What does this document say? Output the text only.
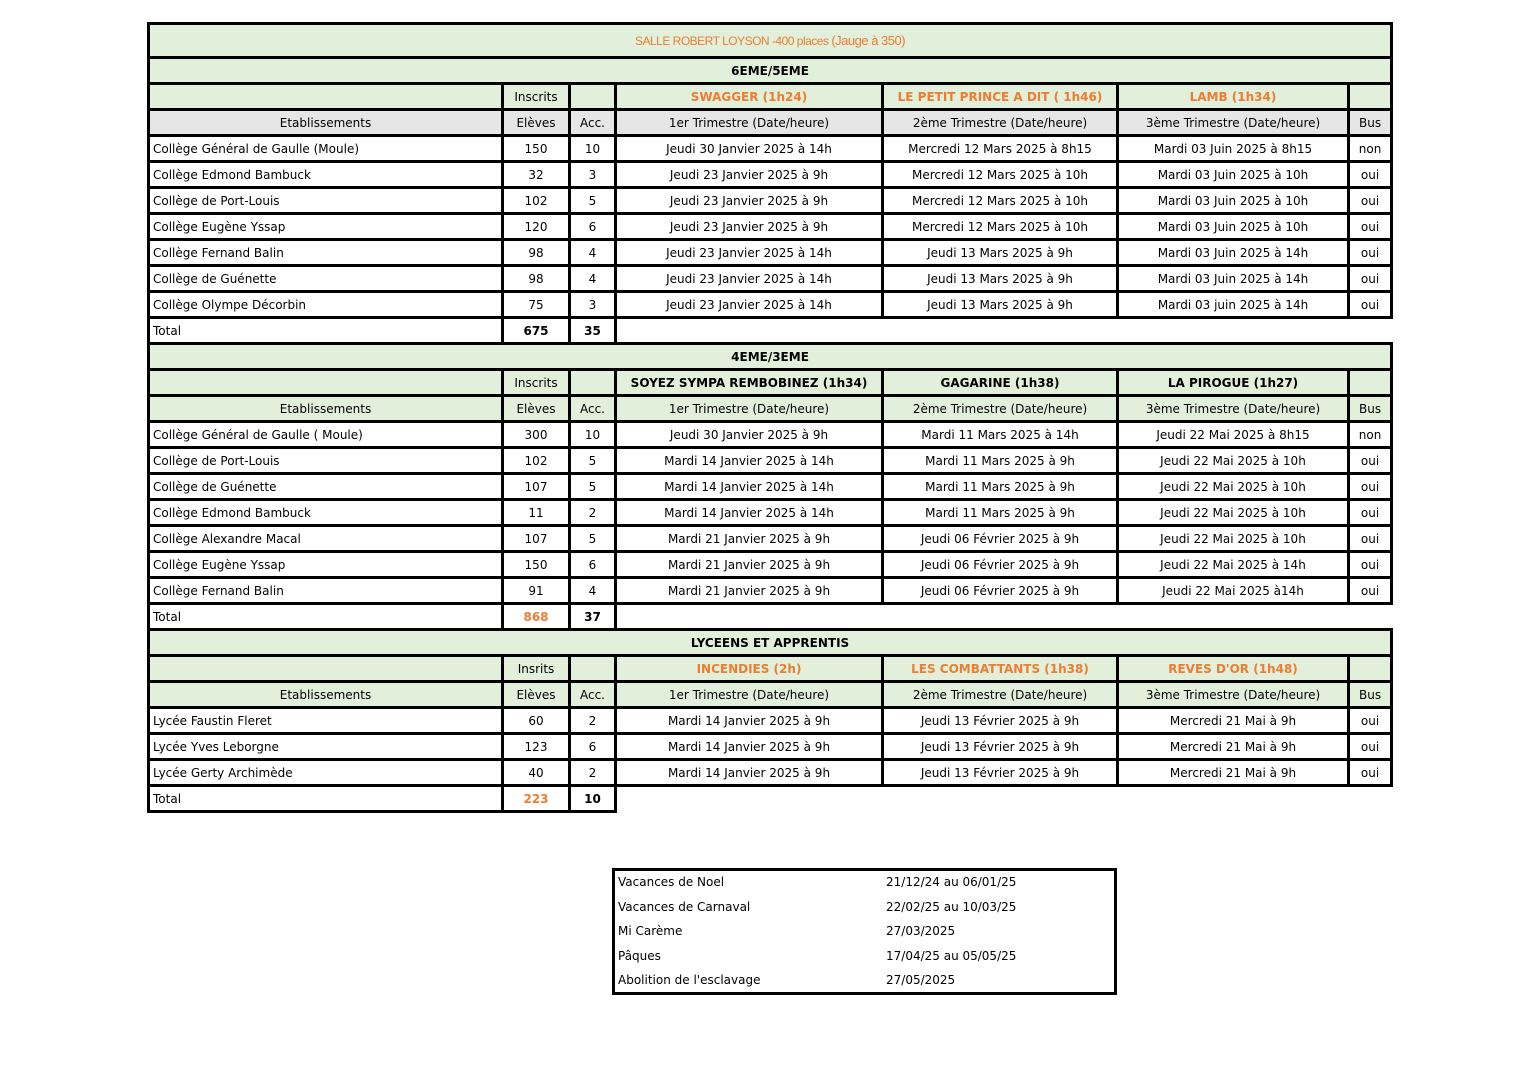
SALLE ROBERT LOYSON -400 places (Jauge à 350)						
6EME/5EME						
	Inscrits		SWAGGER (1h24)	LE PETIT PRINCE A DIT ( 1h46)	LAMB (1h34)	
Etablissements	Elèves	Acc.	1er Trimestre (Date/heure)	2ème Trimestre (Date/heure)	3ème Trimestre (Date/heure)	Bus
Collège Général de Gaulle (Moule)	150	10	Jeudi 30 Janvier 2025 à 14h	Mercredi 12 Mars 2025 à 8h15	Mardi 03 Juin 2025 à 8h15	non
Collège Edmond Bambuck	32	3	Jeudi 23 Janvier 2025 à 9h	Mercredi 12 Mars 2025 à 10h	Mardi 03 Juin 2025 à 10h	oui
Collège de Port-Louis	102	5	Jeudi 23 Janvier 2025 à 9h	Mercredi 12 Mars 2025 à 10h	Mardi 03 Juin 2025 à 10h	oui
Collège Eugène Yssap	120	6	Jeudi 23 Janvier 2025 à 9h	Mercredi 12 Mars 2025 à 10h	Mardi 03 Juin 2025 à 10h	oui
Collège Fernand Balin	98	4	Jeudi 23 Janvier 2025 à 14h	Jeudi 13 Mars 2025 à 9h	Mardi 03 Juin 2025 à 14h	oui
Collège de Guénette	98	4	Jeudi 23 Janvier 2025 à 14h	Jeudi 13 Mars 2025 à 9h	Mardi 03 Juin 2025 à 14h	oui
Collège Olympe Décorbin	75	3	Jeudi 23 Janvier 2025 à 14h	Jeudi 13 Mars 2025 à 9h	Mardi 03 juin 2025 à 14h	oui
Total	675	35				
4EME/3EME						
	Inscrits		SOYEZ SYMPA REMBOBINEZ (1h34)	GAGARINE (1h38)	LA PIROGUE (1h27)	
Etablissements	Elèves	Acc.	1er Trimestre (Date/heure)	2ème Trimestre (Date/heure)	3ème Trimestre (Date/heure)	Bus
Collège Général de Gaulle ( Moule)	300	10	Jeudi 30 Janvier 2025 à 9h	Mardi 11 Mars 2025 à 14h	Jeudi 22 Mai 2025 à 8h15	non
Collège de Port-Louis	102	5	Mardi 14 Janvier 2025 à 14h	Mardi 11 Mars 2025 à 9h	Jeudi 22 Mai 2025 à 10h	oui
Collège de Guénette	107	5	Mardi 14 Janvier 2025 à 14h	Mardi 11 Mars 2025 à 9h	Jeudi 22 Mai 2025 à 10h	oui
Collège Edmond Bambuck	11	2	Mardi 14 Janvier 2025 à 14h	Mardi 11 Mars 2025 à 9h	Jeudi 22 Mai 2025 à 10h	oui
Collège Alexandre Macal	107	5	Mardi 21 Janvier 2025 à 9h	Jeudi 06 Février 2025 à 9h	Jeudi 22 Mai 2025 à 10h	oui
Collège Eugène Yssap	150	6	Mardi 21 Janvier 2025 à 9h	Jeudi 06 Février 2025 à 9h	Jeudi 22 Mai 2025 à 14h	oui
Collège Fernand Balin	91	4	Mardi 21 Janvier 2025 à 9h	Jeudi 06 Février 2025 à 9h	Jeudi 22 Mai 2025 à14h	oui
Total	868	37				
LYCEENS ET APPRENTIS						
	Insrits		INCENDIES (2h)	LES COMBATTANTS (1h38)	REVES D'OR (1h48)	
Etablissements	Elèves	Acc.	1er Trimestre (Date/heure)	2ème Trimestre (Date/heure)	3ème Trimestre (Date/heure)	Bus
Lycée Faustin Fleret	60	2	Mardi 14 Janvier 2025 à 9h	Jeudi 13 Février 2025 à 9h	Mercredi 21 Mai à 9h	oui
Lycée Yves Leborgne	123	6	Mardi 14 Janvier 2025 à 9h	Jeudi 13 Février 2025 à 9h	Mercredi 21 Mai à 9h	oui
Lycée Gerty Archimède	40	2	Mardi 14 Janvier 2025 à 9h	Jeudi 13 Février 2025 à 9h	Mercredi 21 Mai à 9h	oui
Total	223	10				
Vacances de Noel	21/12/24 au 06/01/25
Vacances de Carnaval	22/02/25 au 10/03/25
Mi Carème	27/03/2025
Pâques	17/04/25 au 05/05/25
Abolition de l'esclavage	27/05/2025
